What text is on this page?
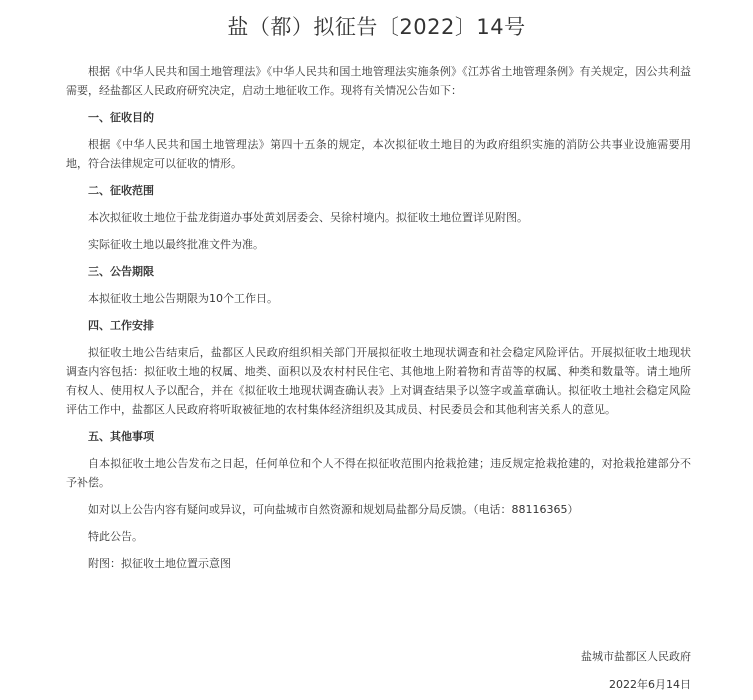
盐（都）拟征告〔2022〕14号

根据《中华人民共和国土地管理法》《中华人民共和国土地管理法实施条例》《江苏省土地管理条例》有关规定，因公共利益需要，经盐都区人民政府研究决定，启动土地征收工作。现将有关情况公告如下：

一、征收目的

根据《中华人民共和国土地管理法》第四十五条的规定，本次拟征收土地目的为政府组织实施的消防公共事业设施需要用地，符合法律规定可以征收的情形。

二、征收范围

本次拟征收土地位于盐龙街道办事处黄刘居委会、吴徐村境内。拟征收土地位置详见附图。

实际征收土地以最终批准文件为准。

三、公告期限

本拟征收土地公告期限为10个工作日。

四、工作安排

拟征收土地公告结束后，盐都区人民政府组织相关部门开展拟征收土地现状调查和社会稳定风险评估。开展拟征收土地现状调查内容包括：拟征收土地的权属、地类、面积以及农村村民住宅、其他地上附着物和青苗等的权属、种类和数量等。请土地所有权人、使用权人予以配合，并在《拟征收土地现状调查确认表》上对调查结果予以签字或盖章确认。拟征收土地社会稳定风险评估工作中，盐都区人民政府将听取被征地的农村集体经济组织及其成员、村民委员会和其他利害关系人的意见。

五、其他事项

自本拟征收土地公告发布之日起，任何单位和个人不得在拟征收范围内抢栽抢建；违反规定抢栽抢建的，对抢栽抢建部分不予补偿。

如对以上公告内容有疑问或异议，可向盐城市自然资源和规划局盐都分局反馈。（电话：88116365）

特此公告。

附图：拟征收土地位置示意图

盐城市盐都区人民政府
2022年6月14日
